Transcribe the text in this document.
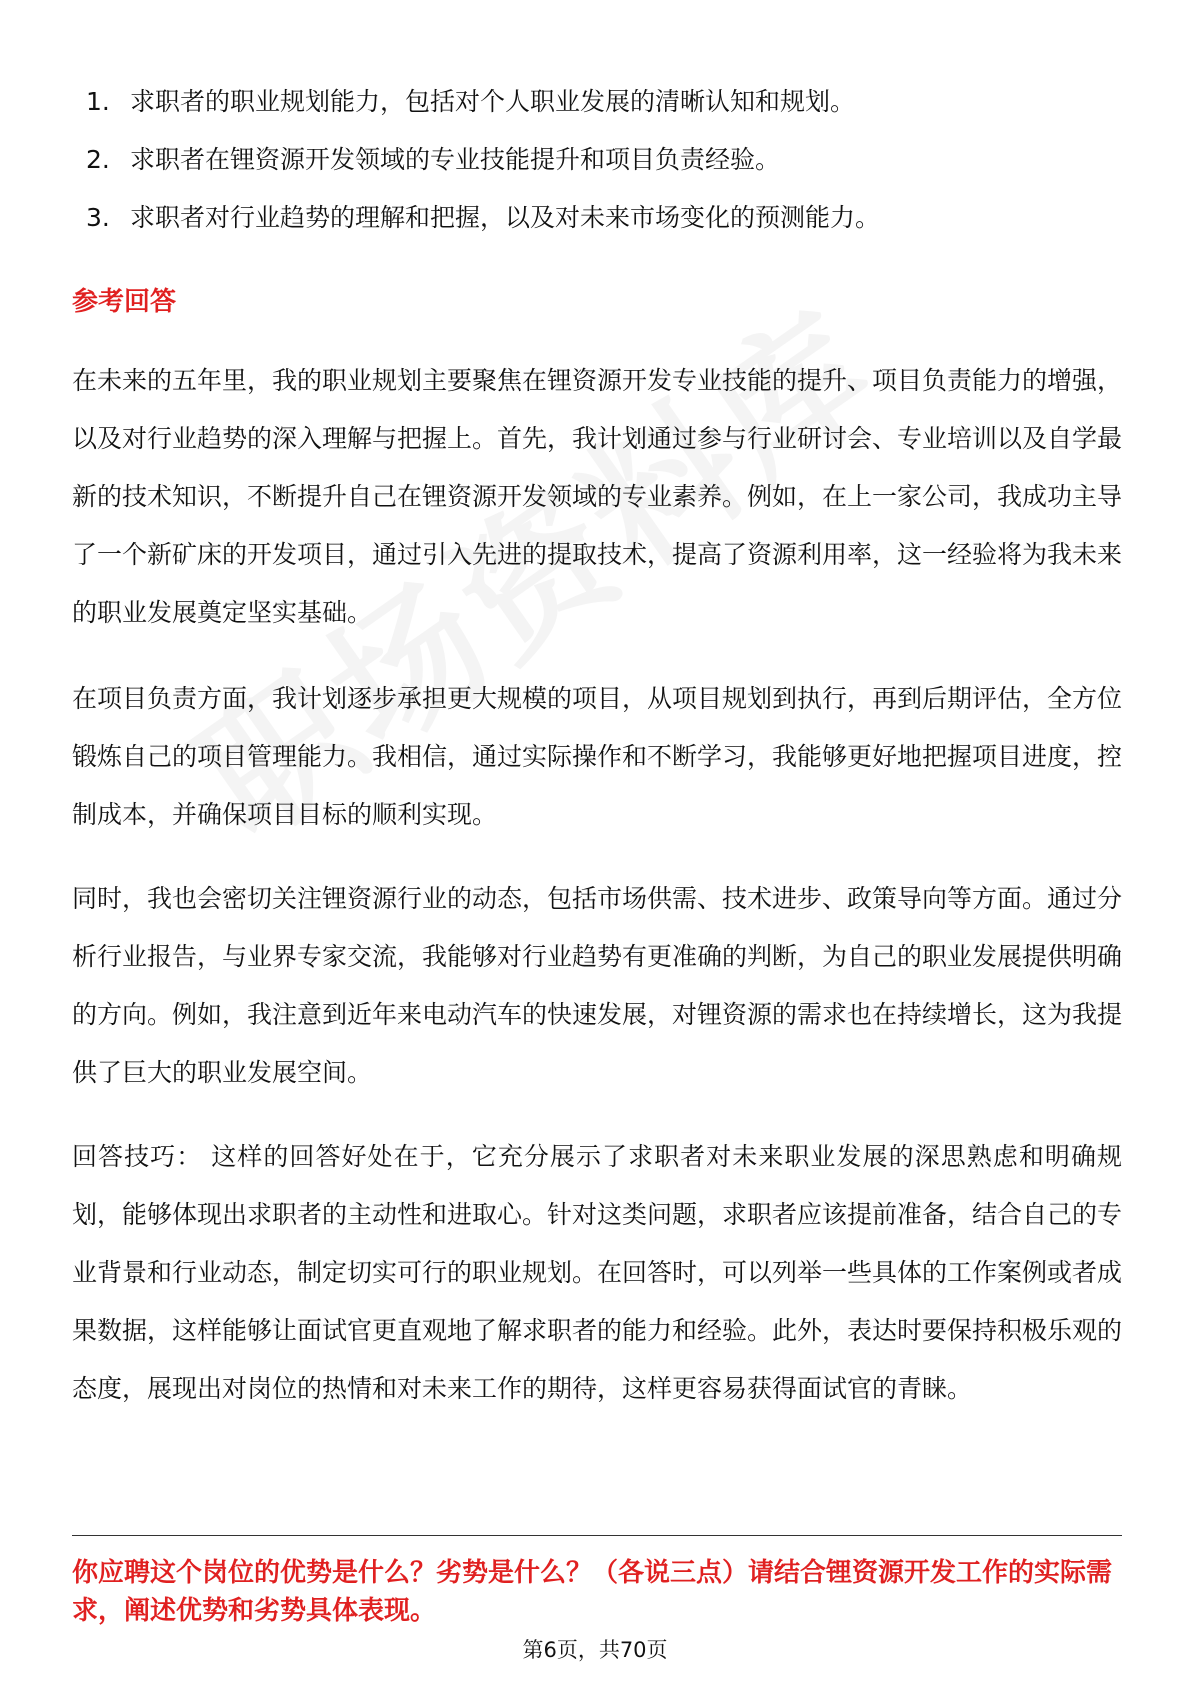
1. 求职者的职业规划能力，包括对个人职业发展的清晰认知和规划。
2. 求职者在锂资源开发领域的专业技能提升和项目负责经验。
3. 求职者对行业趋势的理解和把握，以及对未来市场变化的预测能力。
参考回答

在未来的五年里，我的职业规划主要聚焦在锂资源开发专业技能的提升、项目负责能力的增强，以及对行业趋势的深入理解与把握上。首先，我计划通过参与行业研讨会、专业培训以及自学最新的技术知识，不断提升自己在锂资源开发领域的专业素养。例如，在上一家公司，我成功主导了一个新矿床的开发项目，通过引入先进的提取技术，提高了资源利用率，这一经验将为我未来的职业发展奠定坚实基础。

在项目负责方面，我计划逐步承担更大规模的项目，从项目规划到执行，再到后期评估，全方位锻炼自己的项目管理能力。我相信，通过实际操作和不断学习，我能够更好地把握项目进度，控制成本，并确保项目目标的顺利实现。

同时，我也会密切关注锂资源行业的动态，包括市场供需、技术进步、政策导向等方面。通过分析行业报告，与业界专家交流，我能够对行业趋势有更准确的判断，为自己的职业发展提供明确的方向。例如，我注意到近年来电动汽车的快速发展，对锂资源的需求也在持续增长，这为我提供了巨大的职业发展空间。

回答技巧： 这样的回答好处在于，它充分展示了求职者对未来职业发展的深思熟虑和明确规划，能够体现出求职者的主动性和进取心。针对这类问题，求职者应该提前准备，结合自己的专业背景和行业动态，制定切实可行的职业规划。在回答时，可以列举一些具体的工作案例或者成果数据，这样能够让面试官更直观地了解求职者的能力和经验。此外，表达时要保持积极乐观的态度，展现出对岗位的热情和对未来工作的期待，这样更容易获得面试官的青睐。

你应聘这个岗位的优势是什么？劣势是什么？（各说三点）请结合锂资源开发工作的实际需求，阐述优势和劣势具体表现。

第6页，共70页
